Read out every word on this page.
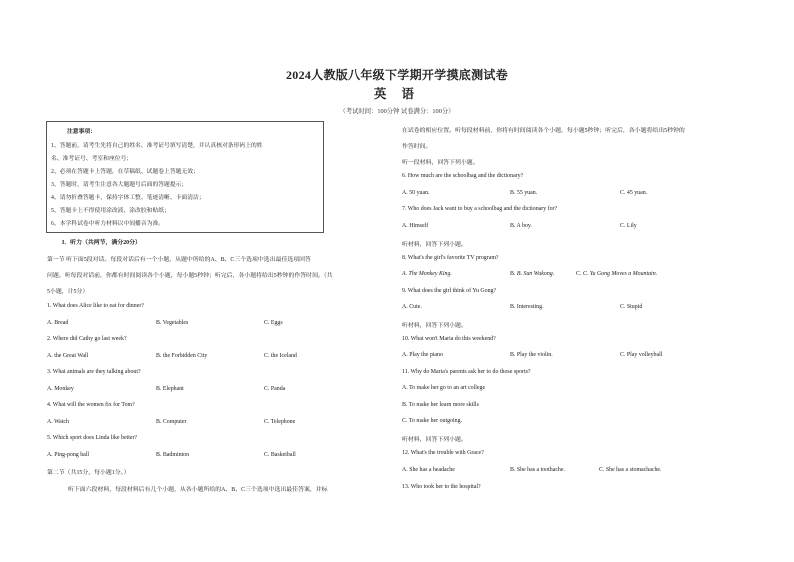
2024人教版八年级下学期开学摸底测试卷
英 语
（考试时间：100分钟 试卷满分：100分）
注意事项：
1、答题前，请考生先将自己的姓名、准考证号填写清楚，并认真核对条形码上的姓
名、准考证号、考室和座位号；
2、必须在答题卡上答题，在草稿纸、试题卷上答题无效；
3、答题时，请考生注意各大题题号后面的答题提示；
4、请勿折叠答题卡，保持字体工整、笔迹清晰、卡面清洁；
5、答题卡上不得使用涂改液、涂改胶和贴纸；
6、本学科试卷中听力材料以中间播音为准。
I．听力（共两节，满分20分）
第一节 听下面5段对话。每段对话后有一个小题，从题中所给的A、B、C三个选项中选出最佳选项回答
问题。听每段对话前，你都有时间阅读各个小题，每小题5秒钟；听完后，各小题将给出5秒钟的作答时间。（共
5小题，计5分）
1. What does Alice like to eat for dinner?
A. Bread	B. Vegetables	C. Eggs
2. Where did Cathy go last week?
A. the Great Wall	B. the Forbidden City	C. the Iceland
3. What animals are they talking about?
A. Monkey	B. Elephant	C. Panda
4. What will the women fix for Tom?
A. Watch	B. Computer	C. Telephone
5. Which sport does Linda like better?
A. Ping-pong ball	B. Badminton	C. Basketball
第二节（共15分，每小题1分。）
听下面六段材料，每段材料后有几个小题，从各小题所给的A、B、C三个选项中选出最佳答案，并标
在试卷的相应位置。听每段材料前，你将有时间阅读各个小题，每小题5秒钟；听完后，各小题将给出5秒钟的
作答时间。
听一段材料，回答下列小题。
6. How much are the schoolbag and the dictionary?
A. 50 yuan.	B. 55 yuan.	C. 45 yuan.
7. Who does Jack want to buy a schoolbag and the dictionary for?
A. Himself	B. A boy.	C. Lily
听材料，回答下列小题。
8. What's the girl's favorite TV program?
A. The Monkey King.	B. B. Sun Wukong.	C. C. Yu Gong Moves a Mountain.
9. What does the girl think of Yu Gong?
A. Cute.	B. Interesting.	C. Stupid
听材料，回答下列小题。
10. What won't Maria do this weekend?
A. Play the piano	B. Play the violin.	C. Play volleyball
11. Why do Maria's parents ask her to do those sports?
A. To make her go to an art college
B. To make her learn more skills
C. To make her outgoing.
听材料，回答下列小题。
12. What's the trouble with Grace?
A. She has a headache	B. She has a toothache.	C. She has a stomachache.
13. Who took her to the hospital?
